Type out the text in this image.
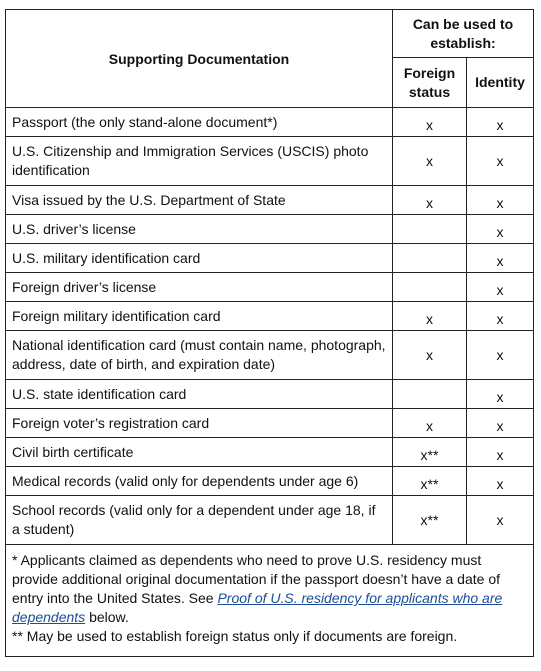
Supporting Documentation	Can be used to establish:	
	Foreign status	Identity
Passport (the only stand-alone document*)	x	x
U.S. Citizenship and Immigration Services (USCIS) photo identification	x	x
Visa issued by the U.S. Department of State	x	x
U.S. driver’s license		x
U.S. military identification card		x
Foreign driver’s license		x
Foreign military identification card	x	x
National identification card (must contain name, photograph, address, date of birth, and expiration date)	x	x
U.S. state identification card		x
Foreign voter’s registration card	x	x
Civil birth certificate	x**	x
Medical records (valid only for dependents under age 6)	x**	x
School records (valid only for a dependent under age 18, if a student)	x**	x
* Applicants claimed as dependents who need to prove U.S. residency must provide additional original documentation if the passport doesn’t have a date of entry into the United States. See Proof of U.S. residency for applicants who are dependents below.
** May be used to establish foreign status only if documents are foreign.		
